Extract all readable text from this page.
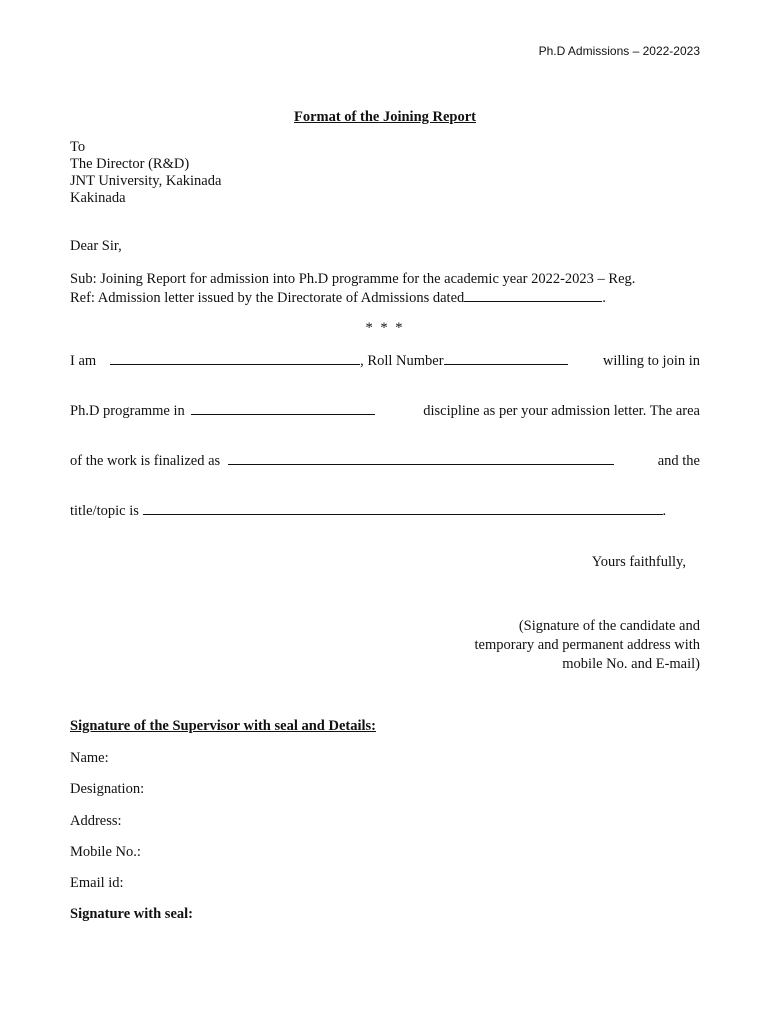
Ph.D Admissions – 2022-2023
Format of the Joining Report
To
The Director (R&D)
JNT University, Kakinada
Kakinada
Dear Sir,
Sub: Joining Report for admission into Ph.D programme for the academic year 2022-2023 – Reg.
Ref: Admission letter issued by the Directorate of Admissions dated	.
* * *
I am	, Roll Number	willing to join in
Ph.D programme in	discipline as per your admission letter. The area
of the work is finalized as	and the
title/topic is	.
Yours faithfully,
(Signature of the candidate and
temporary and permanent address with
mobile No. and E-mail)
Signature of the Supervisor with seal and Details:
Name:
Designation:
Address:
Mobile No.:
Email id:
Signature with seal:
